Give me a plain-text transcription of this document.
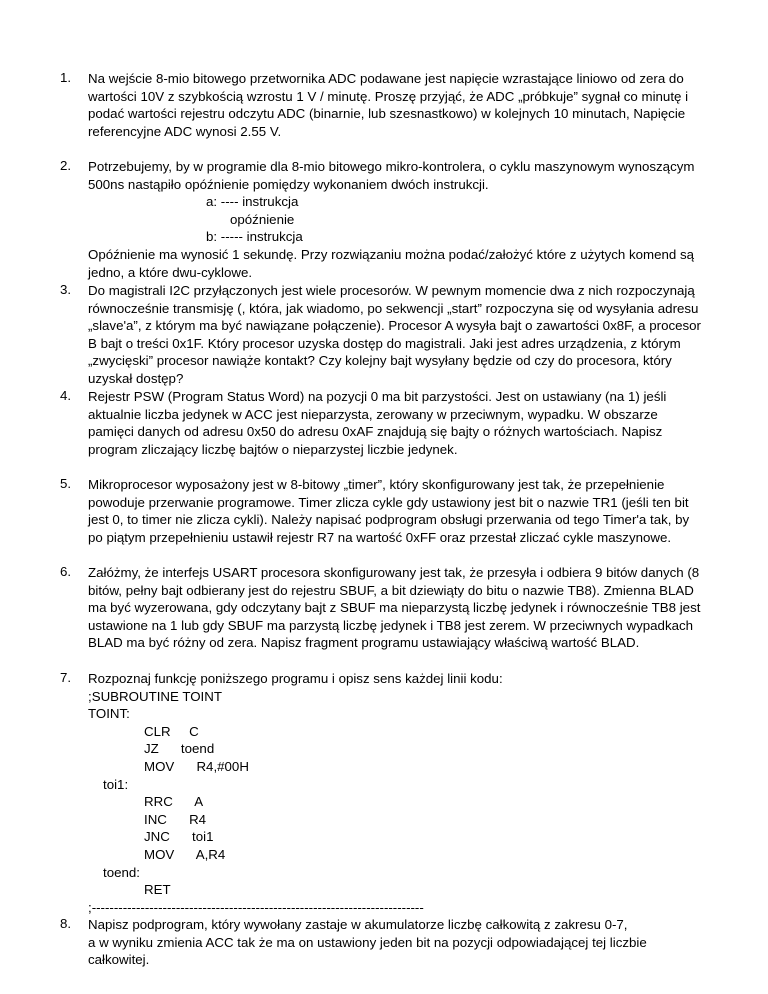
1. Na wejście 8-mio bitowego przetwornika ADC podawane jest napięcie wzrastające liniowo od zera do
wartości 10V z szybkością wzrostu 1 V / minutę. Proszę przyjąć, że ADC „próbkuje” sygnał co minutę i
podać wartości rejestru odczytu ADC (binarnie, lub szesnastkowo) w kolejnych 10 minutach, Napięcie
referencyjne ADC wynosi 2.55 V.
2. Potrzebujemy, by w programie dla 8-mio bitowego mikro-kontrolera, o cyklu maszynowym wynoszącym
500ns nastąpiło opóźnienie pomiędzy wykonaniem dwóch instrukcji.
a: ---- instrukcja
opóźnienie
b: ----- instrukcja
Opóźnienie ma wynosić 1 sekundę. Przy rozwiązaniu można podać/założyć które z użytych komend są
jedno, a które dwu-cyklowe.
3. Do magistrali I2C przyłączonych jest wiele procesorów. W pewnym momencie dwa z nich rozpoczynają
równocześnie transmisję (, która, jak wiadomo, po sekwencji „start” rozpoczyna się od wysyłania adresu
„slave'a”, z którym ma być nawiązane połączenie). Procesor A wysyła bajt o zawartości 0x8F, a procesor
B bajt o treści 0x1F. Który procesor uzyska dostęp do magistrali. Jaki jest adres urządzenia, z którym
„zwycięski” procesor nawiąże kontakt? Czy kolejny bajt wysyłany będzie od czy do procesora, który
uzyskał dostęp?
4. Rejestr PSW (Program Status Word) na pozycji 0 ma bit parzystości. Jest on ustawiany (na 1) jeśli
aktualnie liczba jedynek w ACC jest nieparzysta, zerowany w przeciwnym, wypadku. W obszarze
pamięci danych od adresu 0x50 do adresu 0xAF znajdują się bajty o różnych wartościach. Napisz
program zliczający liczbę bajtów o nieparzystej liczbie jedynek.
5. Mikroprocesor wyposażony jest w 8-bitowy „timer”, który skonfigurowany jest tak, że przepełnienie
powoduje przerwanie programowe. Timer zlicza cykle gdy ustawiony jest bit o nazwie TR1 (jeśli ten bit
jest 0, to timer nie zlicza cykli). Należy napisać podprogram obsługi przerwania od tego Timer'a tak, by
po piątym przepełnieniu ustawił rejestr R7 na wartość 0xFF oraz przestał zliczać cykle maszynowe.
6. Załóżmy, że interfejs USART procesora skonfigurowany jest tak, że przesyła i odbiera 9 bitów danych (8
bitów, pełny bajt odbierany jest do rejestru SBUF, a bit dziewiąty do bitu o nazwie TB8). Zmienna BLAD
ma być wyzerowana, gdy odczytany bajt z SBUF ma nieparzystą liczbę jedynek i równocześnie TB8 jest
ustawione na 1 lub gdy SBUF ma parzystą liczbę jedynek i TB8 jest zerem. W przeciwnych wypadkach
BLAD ma być różny od zera. Napisz fragment programu ustawiający właściwą wartość BLAD.
7. Rozpoznaj funkcję poniższego programu i opisz sens każdej linii kodu:
;SUBROUTINE TOINT
TOINT:
CLR     C
JZ      toend
MOV      R4,#00H
toi1:
RRC      A
INC      R4
JNC      toi1
MOV      A,R4
toend:
RET
;---------------------------------------------------------------------------
8. Napisz podprogram, który wywołany zastaje w akumulatorze liczbę całkowitą z zakresu 0-7,
a w wyniku zmienia ACC tak że ma on ustawiony jeden bit na pozycji odpowiadającej tej liczbie
całkowitej.
